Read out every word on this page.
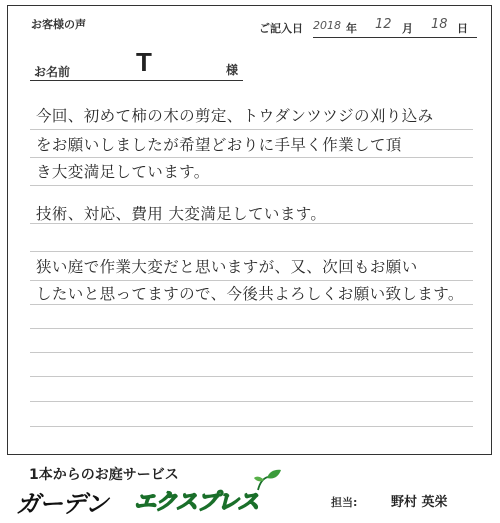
お客様の声	ご記入日 2018 年 12 月 18 日
お名前	T	様
今回、初めて柿の木の剪定、トウダンツツジの刈り込み
をお願いしましたが希望どおりに手早く作業して頂
き大変満足しています。
技術、対応、費用 大変満足しています。
狭い庭で作業大変だと思いますが、又、次回もお願い
したいと思ってますので、今後共よろしくお願い致します。
1本からのお庭サービス
ガーデン エクスプレス	担当:	野村 英栄
